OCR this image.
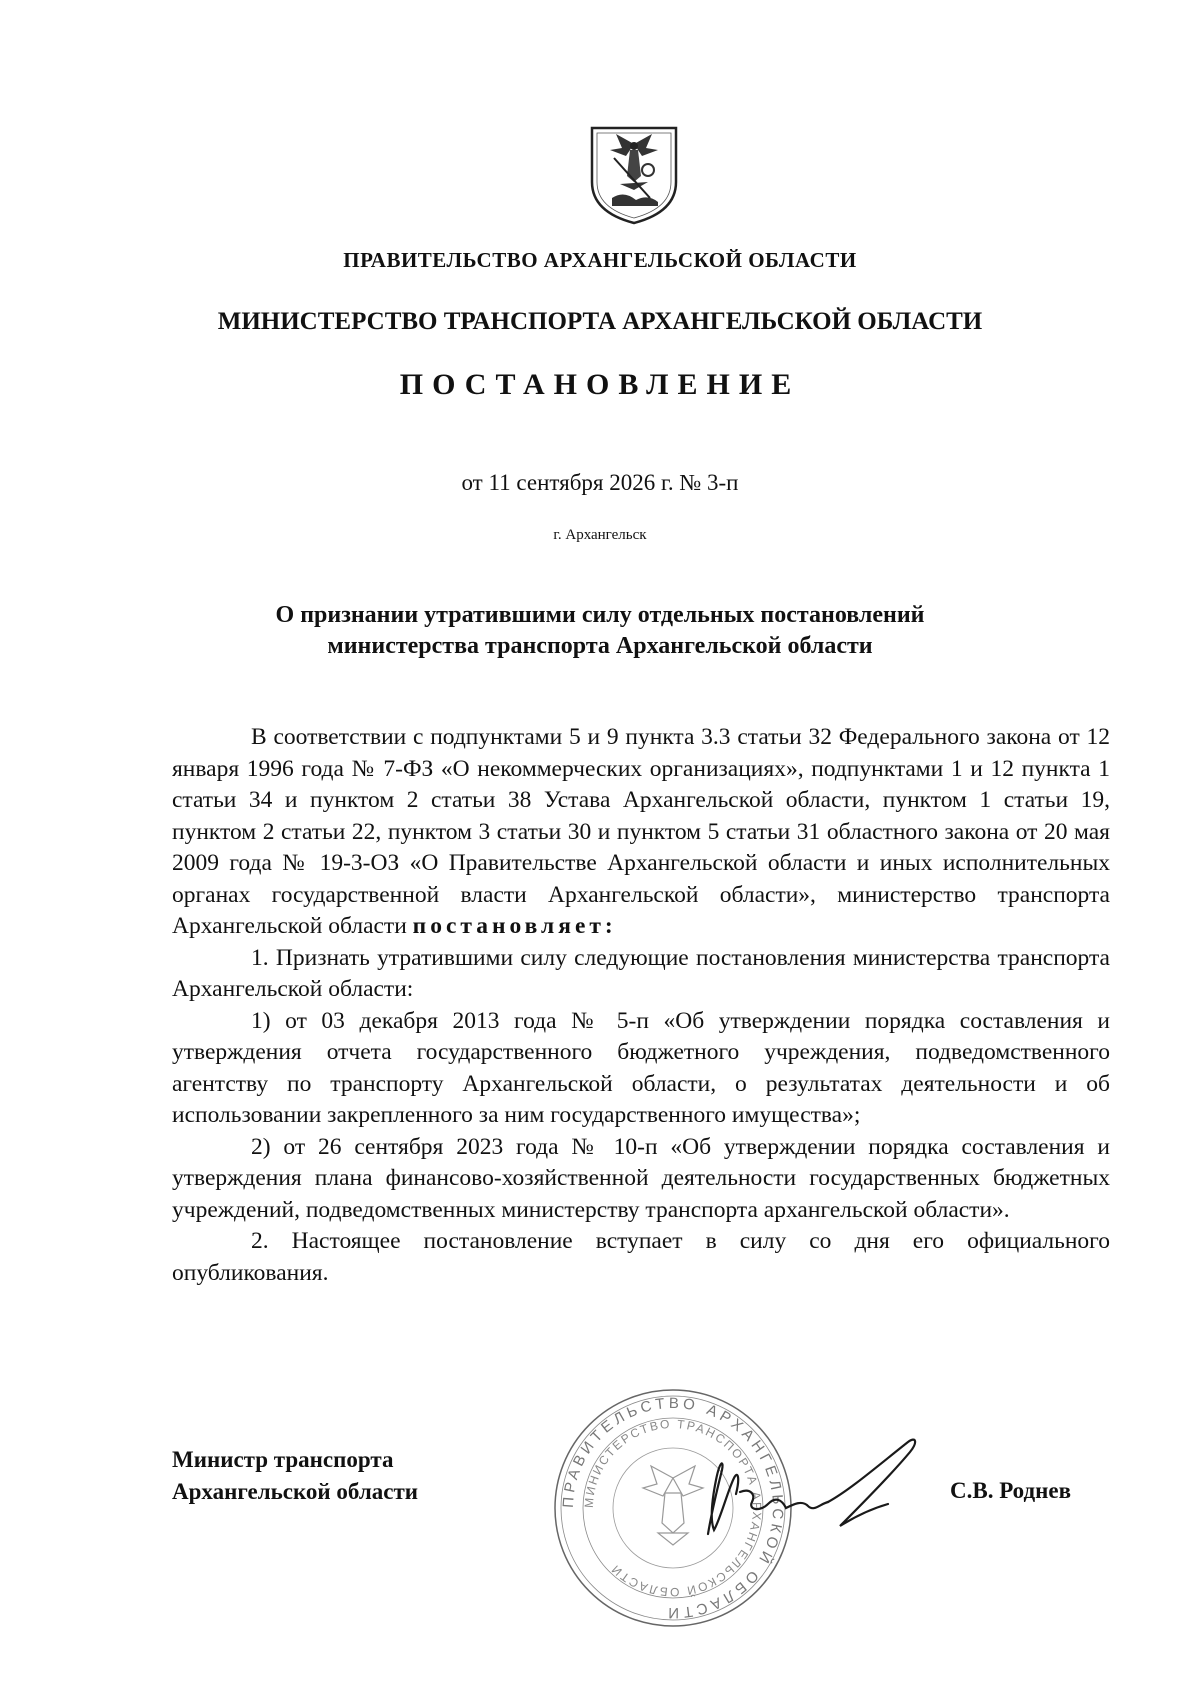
ПРАВИТЕЛЬСТВО АРХАНГЕЛЬСКОЙ ОБЛАСТИ
МИНИСТЕРСТВО ТРАНСПОРТА АРХАНГЕЛЬСКОЙ ОБЛАСТИ
ПОСТАНОВЛЕНИЕ
от 11 сентября 2026 г. № 3-п
г. Архангельск
О признании утратившими силу отдельных постановлений
министерства транспорта Архангельской области

В соответствии с подпунктами 5 и 9 пункта 3.3 статьи 32 Федерального закона от 12 января 1996 года № 7-ФЗ «О некоммерческих организациях», подпунктами 1 и 12 пункта 1 статьи 34 и пунктом 2 статьи 38 Устава Архангельской области, пунктом 1 статьи 19, пунктом 2 статьи 22, пунктом 3 статьи 30 и пунктом 5 статьи 31 областного закона от 20 мая 2009 года № 19-3-ОЗ «О Правительстве Архангельской области и иных исполнительных органах государственной власти Архангельской области», министерство транспорта Архангельской области постановляет:

1. Признать утратившими силу следующие постановления министерства транспорта Архангельской области:

1) от 03 декабря 2013 года № 5-п «Об утверждении порядка составления и утверждения отчета государственного бюджетного учреждения, подведомственного агентству по транспорту Архангельской области, о результатах деятельности и об использовании закрепленного за ним государственного имущества»;

2) от 26 сентября 2023 года № 10-п «Об утверждении порядка составления и утверждения плана финансово-хозяйственной деятельности государственных бюджетных учреждений, подведомственных министерству транспорта архангельской области».

2. Настоящее постановление вступает в силу со дня его официального опубликования.

ПРАВИТЕЛЬСТВО АРХАНГЕЛЬСКОЙ ОБЛАСТИ
МИНИСТЕРСТВО ТРАНСПОРТА АРХАНГЕЛЬСКОЙ ОБЛАСТИ
Министр транспорта
Архангельской области	С.В. Роднев
